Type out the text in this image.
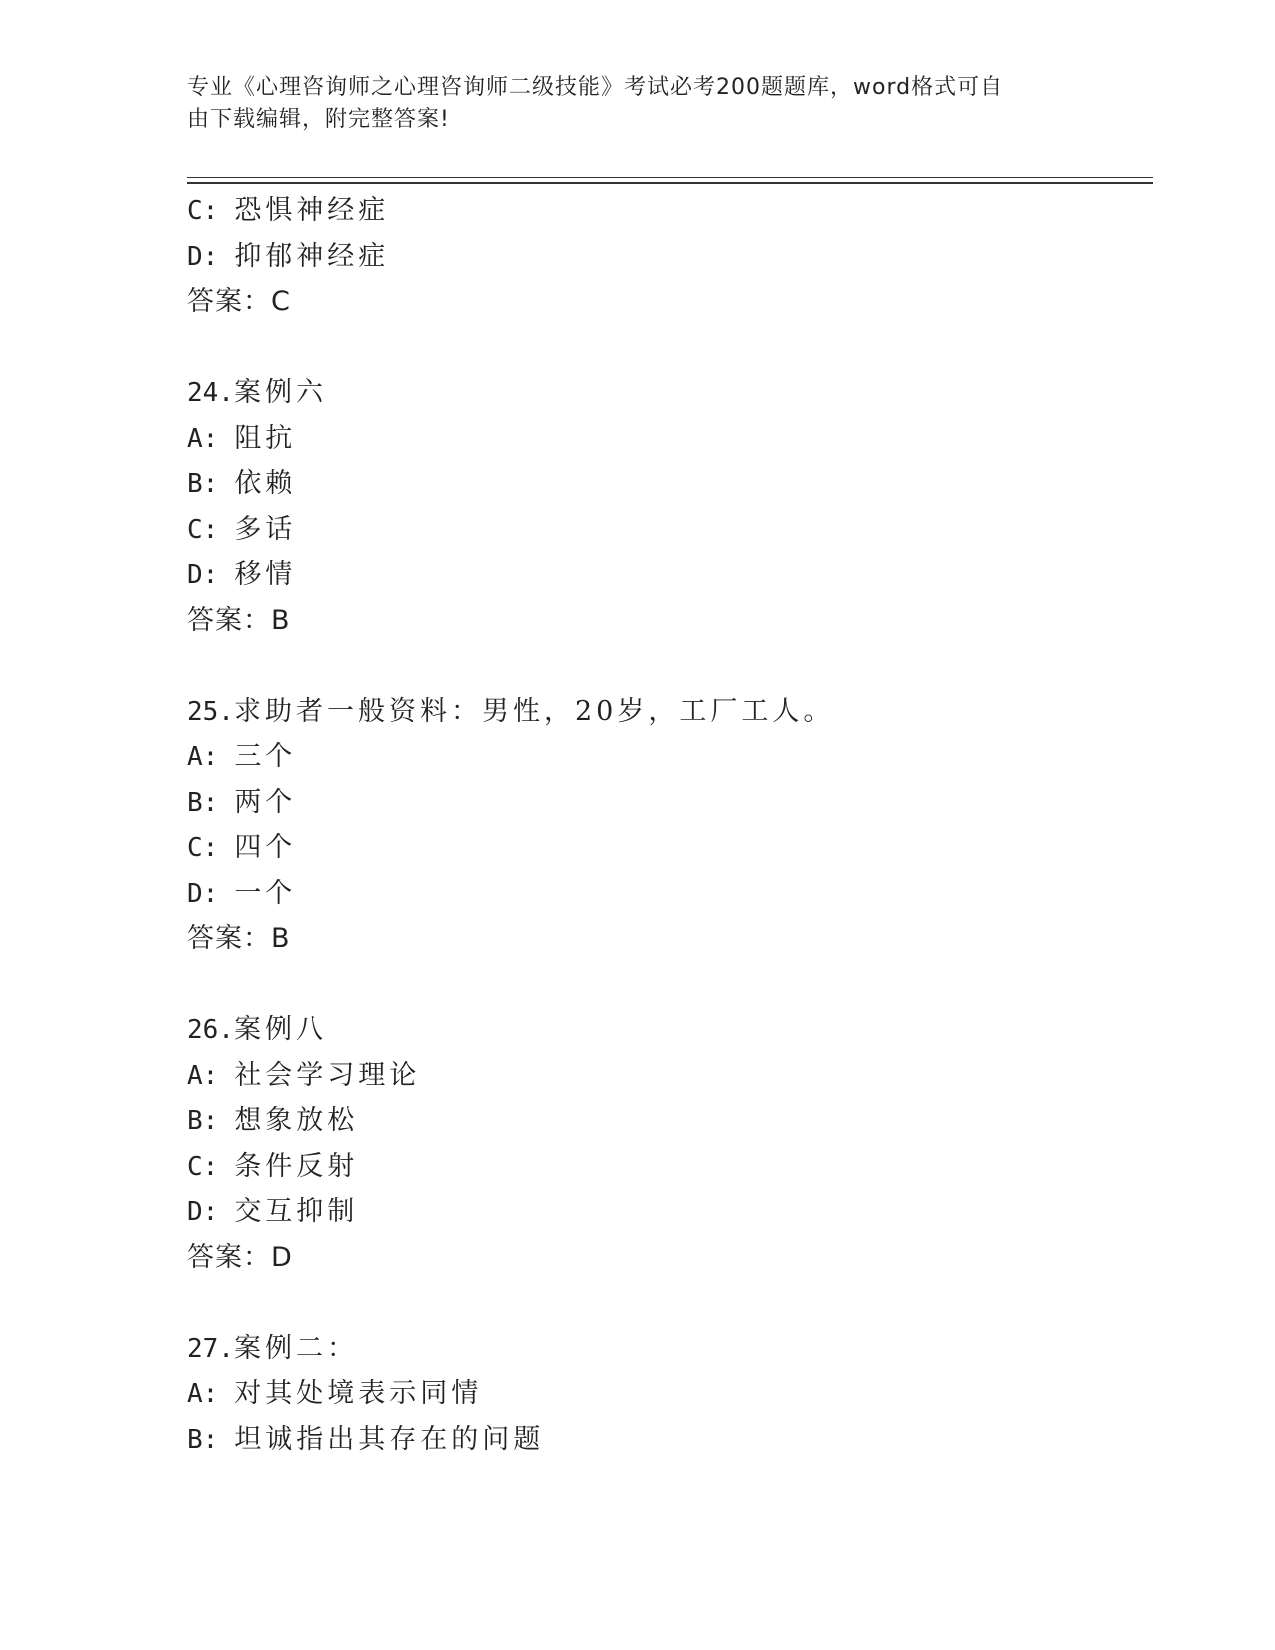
专业《心理咨询师之心理咨询师二级技能》考试必考200题题库，word格式可自
由下载编辑，附完整答案!
C: 恐惧神经症
D: 抑郁神经症
答案：C
24.案例六
A: 阻抗
B: 依赖
C: 多话
D: 移情
答案：B
25.求助者一般资料：男性，20岁，工厂工人。
A: 三个
B: 两个
C: 四个
D: 一个
答案：B
26.案例八
A: 社会学习理论
B: 想象放松
C: 条件反射
D: 交互抑制
答案：D
27.案例二：
A: 对其处境表示同情
B: 坦诚指出其存在的问题
